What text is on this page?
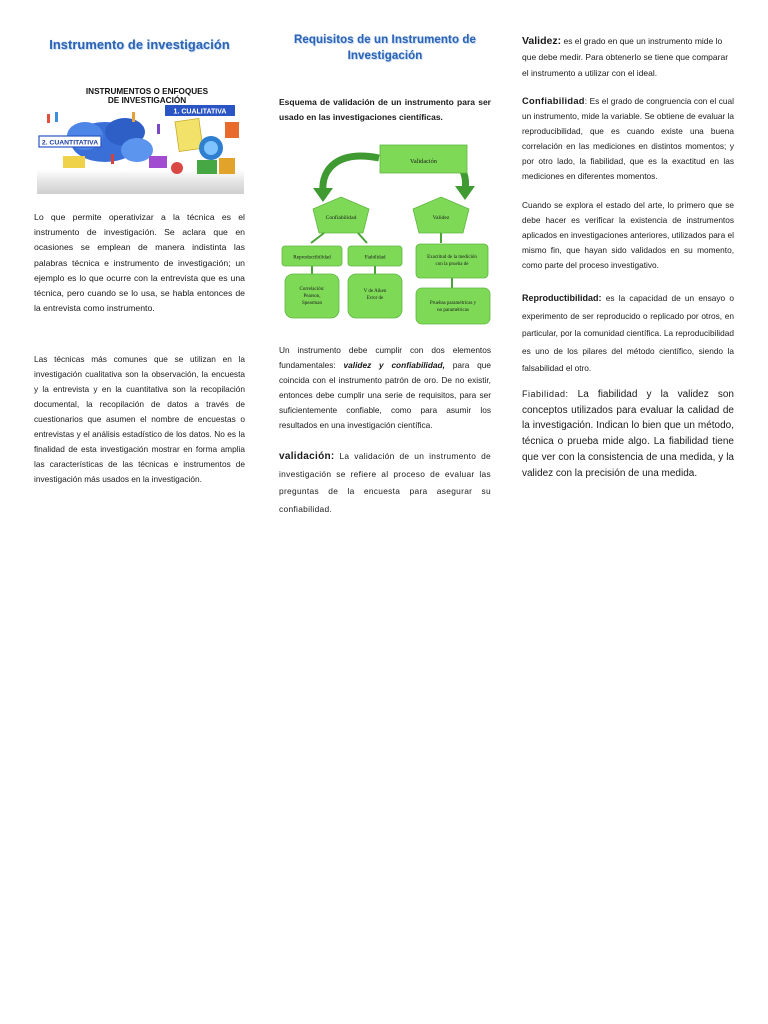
Instrumento de investigación
INSTRUMENTOS O ENFOQUES
DE INVESTIGACIÓN
1. CUALITATIVA
2. CUANTITATIVA

Lo que permite operativizar a la técnica es el instrumento de investigación. Se aclara que en ocasiones se emplean de manera indistinta las palabras técnica e instrumento de investigación; un ejemplo es lo que ocurre con la entrevista que es una técnica, pero cuando se lo usa, se habla entonces de la entrevista como instrumento.

Las técnicas más comunes que se utilizan en la investigación cualitativa son la observación, la encuesta y la entrevista y en la cuantitativa son la recopilación documental, la recopilación de datos a través de cuestionarios que asumen el nombre de encuestas o entrevistas y el análisis estadístico de los datos. No es la finalidad de esta investigación mostrar en forma amplia las características de las técnicas e instrumentos de investigación más usados en la investigación.

Requisitos de un Instrumento de
Investigación

Esquema de validación de un instrumento para ser usado en las investigaciones científicas.

Validación
Confiabilidad	Validez
Reproductibilidad	Fiabilidad	Exactitud de la medición con la prueba de
Correlación: Pearson, Spearman
V de Aiken Error de
Pruebas paramétricas y no paramétricas

Un instrumento debe cumplir con dos elementos fundamentales: validez y confiabilidad, para que coincida con el instrumento patrón de oro. De no existir, entonces debe cumplir una serie de requisitos, para ser suficientemente confiable, como para asumir los resultados en una investigación científica.

validación: La validación de un instrumento de investigación se refiere al proceso de evaluar las preguntas de la encuesta para asegurar su confiabilidad.

Validez: es el grado en que un instrumento mide lo que debe medir. Para obtenerlo se tiene que comparar el instrumento a utilizar con el ideal.

Confiabilidad: Es el grado de congruencia con el cual un instrumento, mide la variable. Se obtiene de evaluar la reproducibilidad, que es cuando existe una buena correlación en las mediciones en distintos momentos; y por otro lado, la fiabilidad, que es la exactitud en las mediciones en diferentes momentos.

Cuando se explora el estado del arte, lo primero que se debe hacer es verificar la existencia de instrumentos aplicados en investigaciones anteriores, utilizados para el mismo fin, que hayan sido validados en su momento, como parte del proceso investigativo.

Reproductibilidad: es la capacidad de un ensayo o experimento de ser reproducido o replicado por otros, en particular, por la comunidad científica. La reproducibilidad es uno de los pilares del método científico, siendo la falsabilidad el otro.

Fiabilidad: La fiabilidad y la validez son conceptos utilizados para evaluar la calidad de la investigación. Indican lo bien que un método, técnica o prueba mide algo. La fiabilidad tiene que ver con la consistencia de una medida, y la validez con la precisión de una medida.
